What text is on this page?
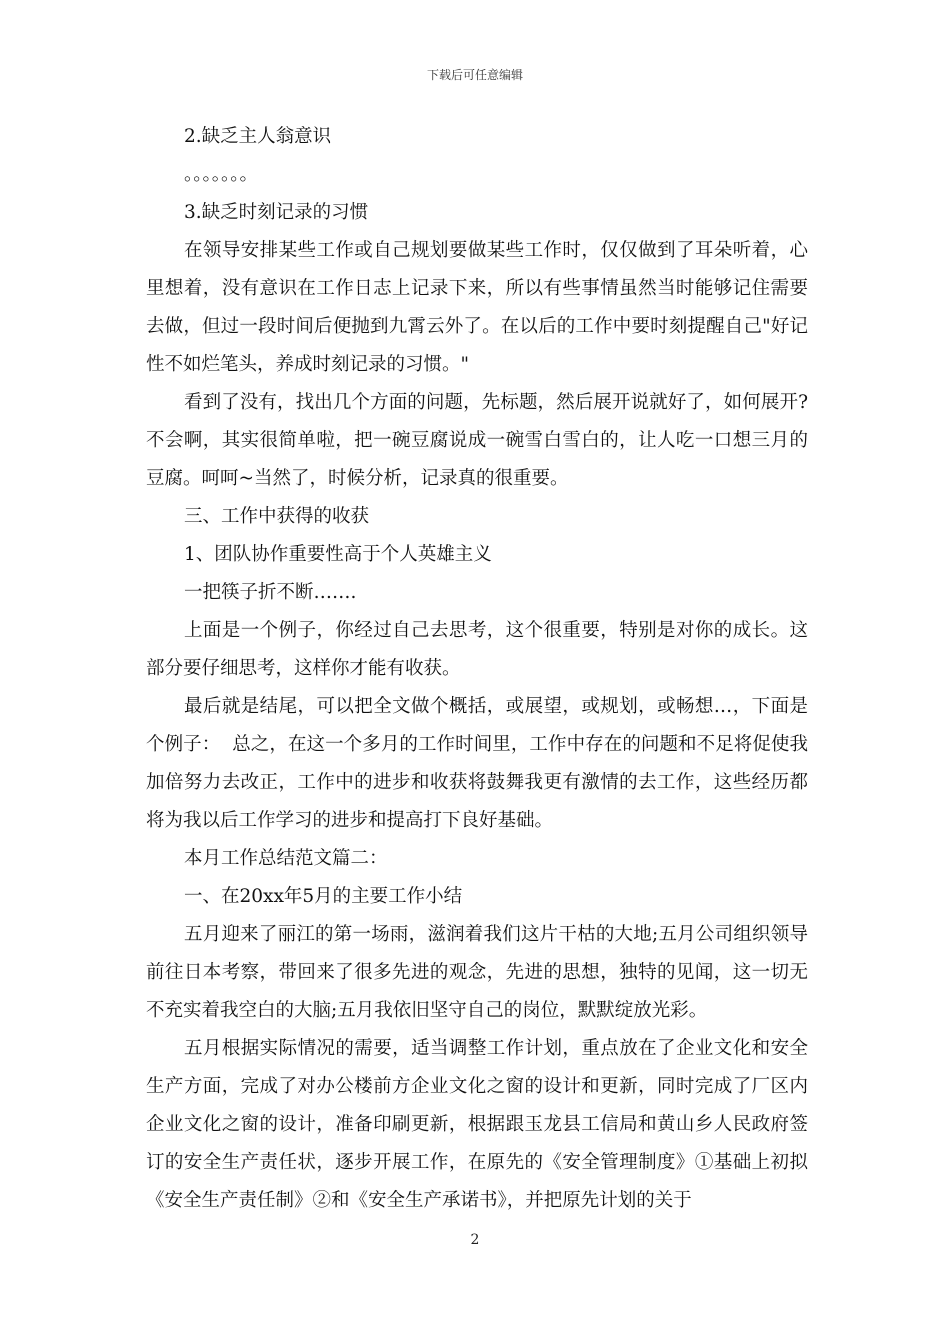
下载后可任意编辑

2.缺乏主人翁意识

。。。。。。。

3.缺乏时刻记录的习惯

在领导安排某些工作或自己规划要做某些工作时，仅仅做到了耳朵听着，心里想着，没有意识在工作日志上记录下来，所以有些事情虽然当时能够记住需要去做，但过一段时间后便抛到九霄云外了。在以后的工作中要时刻提醒自己"好记性不如烂笔头，养成时刻记录的习惯。"

看到了没有，找出几个方面的问题，先标题，然后展开说就好了，如何展开?不会啊，其实很简单啦，把一碗豆腐说成一碗雪白雪白的，让人吃一口想三月的豆腐。呵呵~当然了，时候分析，记录真的很重要。

三、工作中获得的收获

1、团队协作重要性高于个人英雄主义

一把筷子折不断…….

上面是一个例子，你经过自己去思考，这个很重要，特别是对你的成长。这部分要仔细思考，这样你才能有收获。

最后就是结尾，可以把全文做个概括，或展望，或规划，或畅想…，下面是个例子：  总之，在这一个多月的工作时间里，工作中存在的问题和不足将促使我加倍努力去改正，工作中的进步和收获将鼓舞我更有激情的去工作，这些经历都将为我以后工作学习的进步和提高打下良好基础。

本月工作总结范文篇二：

一、在20xx年5月的主要工作小结

五月迎来了丽江的第一场雨，滋润着我们这片干枯的大地;五月公司组织领导前往日本考察，带回来了很多先进的观念，先进的思想，独特的见闻，这一切无不充实着我空白的大脑;五月我依旧坚守自己的岗位，默默绽放光彩。

五月根据实际情况的需要，适当调整工作计划，重点放在了企业文化和安全生产方面，完成了对办公楼前方企业文化之窗的设计和更新，同时完成了厂区内企业文化之窗的设计，准备印刷更新，根据跟玉龙县工信局和黄山乡人民政府签订的安全生产责任状，逐步开展工作，在原先的《安全管理制度》①基础上初拟《安全生产责任制》②和《安全生产承诺书》，并把原先计划的关于

2
